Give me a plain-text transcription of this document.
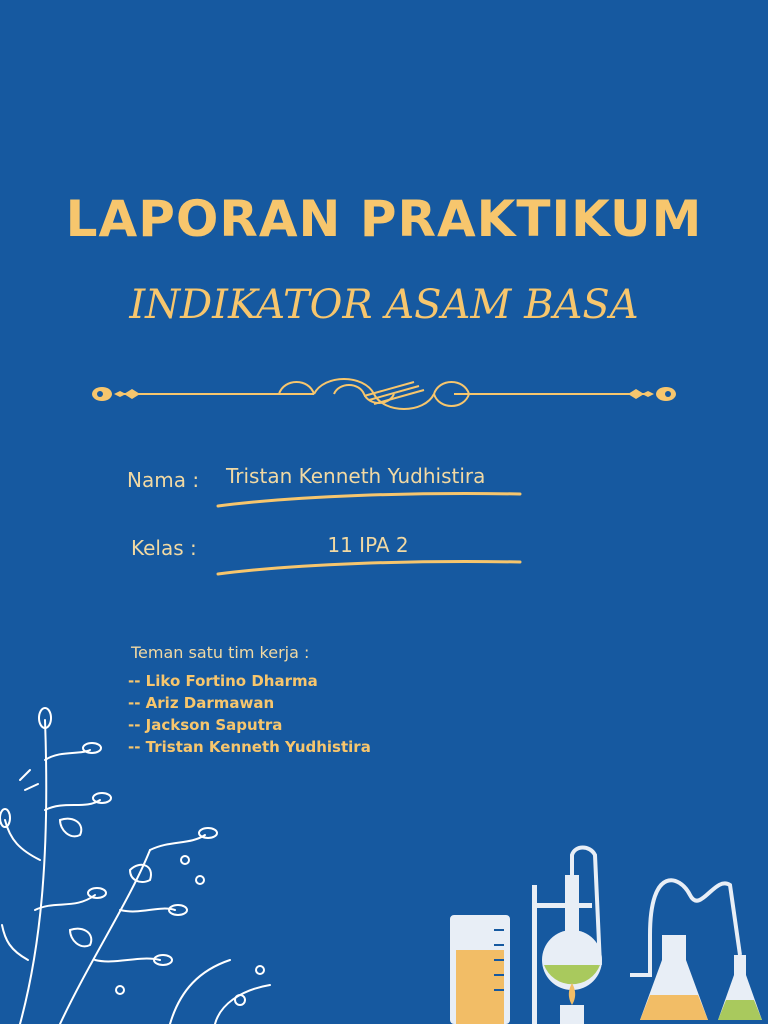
LAPORAN PRAKTIKUM
INDIKATOR ASAM BASA
Nama : Tristan Kenneth Yudhistira
Kelas :	11 IPA 2
Teman satu tim kerja :
-- Liko Fortino Dharma
-- Ariz Darmawan
-- Jackson Saputra
-- Tristan Kenneth Yudhistira
